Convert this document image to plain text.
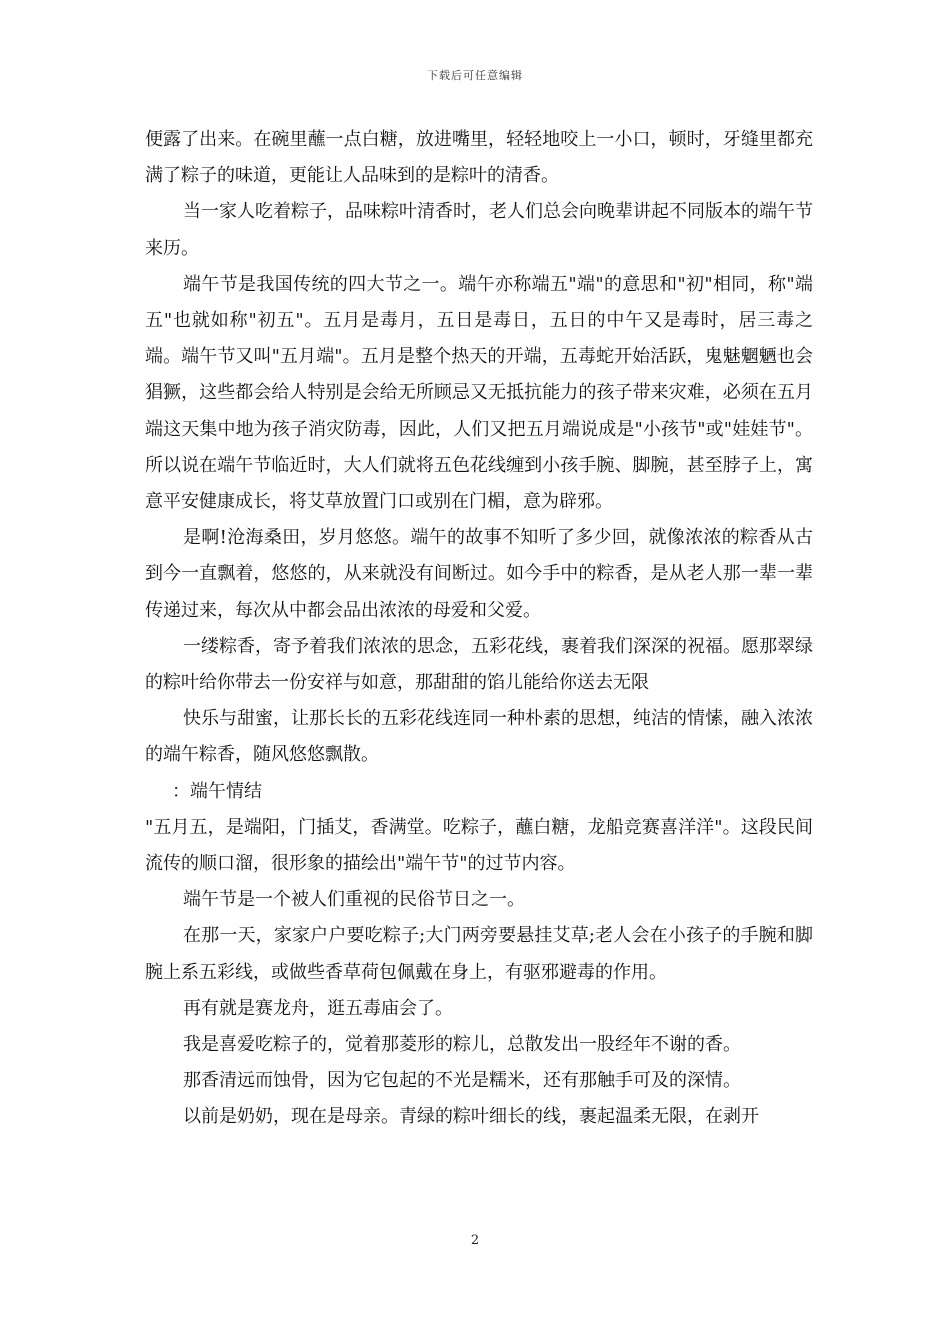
下载后可任意编辑

便露了出来。在碗里蘸一点白糖，放进嘴里，轻轻地咬上一小口，顿时，牙缝里都充满了粽子的味道，更能让人品味到的是粽叶的清香。

当一家人吃着粽子，品味粽叶清香时，老人们总会向晚辈讲起不同版本的端午节来历。

端午节是我国传统的四大节之一。端午亦称端五"端"的意思和"初"相同，称"端五"也就如称"初五"。五月是毒月，五日是毒日，五日的中午又是毒时，居三毒之端。端午节又叫"五月端"。五月是整个热天的开端，五毒蛇开始活跃，鬼魅魍魉也会猖獗，这些都会给人特别是会给无所顾忌又无抵抗能力的孩子带来灾难，必须在五月端这天集中地为孩子消灾防毒，因此，人们又把五月端说成是"小孩节"或"娃娃节"。所以说在端午节临近时，大人们就将五色花线缠到小孩手腕、脚腕，甚至脖子上，寓意平安健康成长，将艾草放置门口或别在门楣，意为辟邪。

是啊!沧海桑田，岁月悠悠。端午的故事不知听了多少回，就像浓浓的粽香从古到今一直飘着，悠悠的，从来就没有间断过。如今手中的粽香，是从老人那一辈一辈传递过来，每次从中都会品出浓浓的母爱和父爱。

一缕粽香，寄予着我们浓浓的思念，五彩花线，裹着我们深深的祝福。愿那翠绿的粽叶给你带去一份安祥与如意，那甜甜的馅儿能给你送去无限

快乐与甜蜜，让那长长的五彩花线连同一种朴素的思想，纯洁的情愫，融入浓浓的端午粽香，随风悠悠飘散。

：端午情结

"五月五，是端阳，门插艾，香满堂。吃粽子，蘸白糖，龙船竞赛喜洋洋"。这段民间流传的顺口溜，很形象的描绘出"端午节"的过节内容。

端午节是一个被人们重视的民俗节日之一。

在那一天，家家户户要吃粽子;大门两旁要悬挂艾草;老人会在小孩子的手腕和脚腕上系五彩线，或做些香草荷包佩戴在身上，有驱邪避毒的作用。

再有就是赛龙舟，逛五毒庙会了。

我是喜爱吃粽子的，觉着那菱形的粽儿，总散发出一股经年不谢的香。

那香清远而蚀骨，因为它包起的不光是糯米，还有那触手可及的深情。

以前是奶奶，现在是母亲。青绿的粽叶细长的线，裹起温柔无限，在剥开

2
